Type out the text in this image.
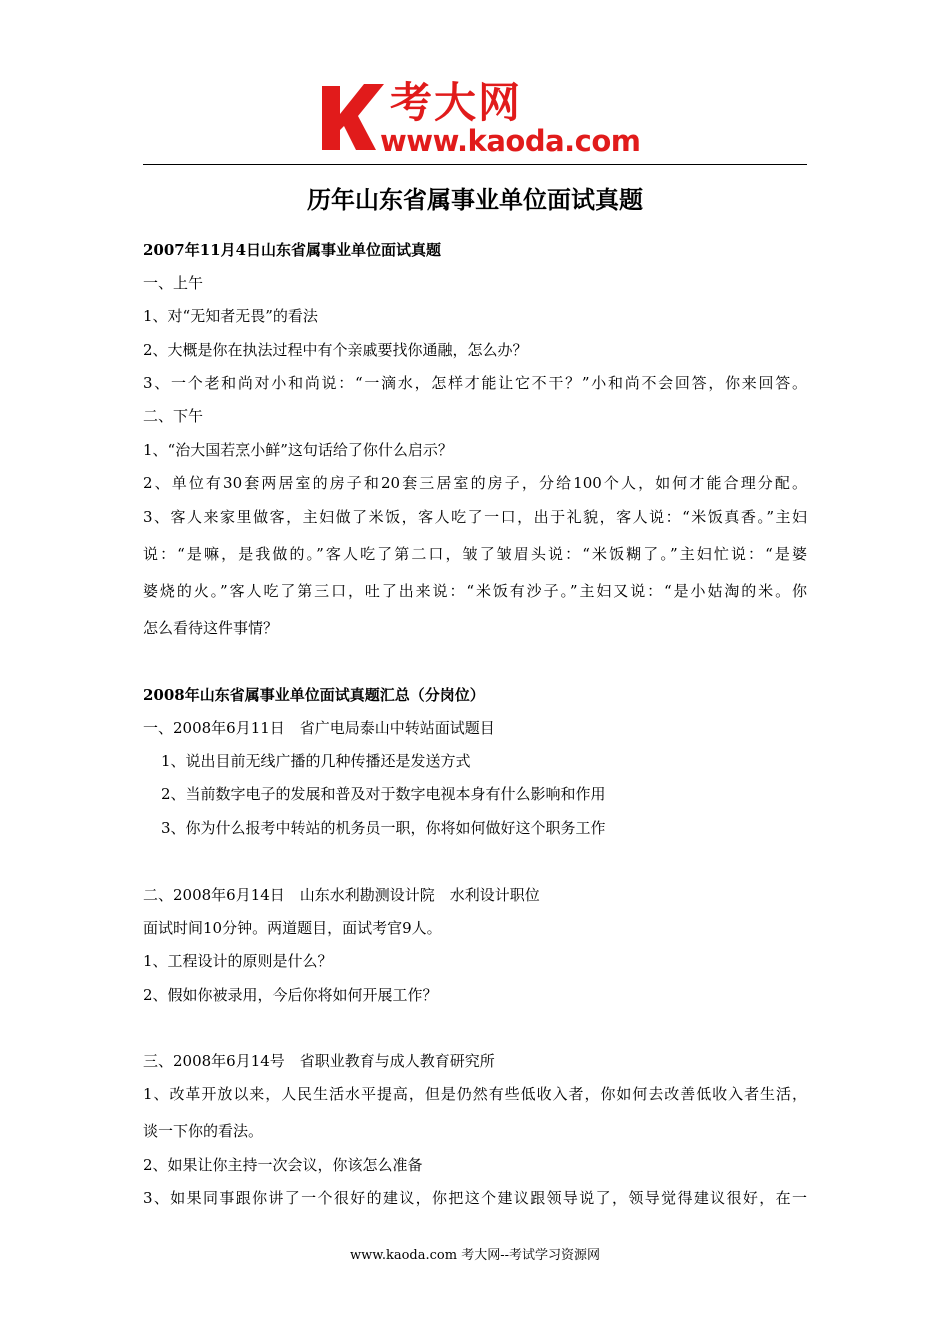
考大网
www.kaoda.com
历年山东省属事业单位面试真题
2007年11月4日山东省属事业单位面试真题
一、上午
1、对“无知者无畏”的看法
2、大概是你在执法过程中有个亲戚要找你通融，怎么办？
3、一个老和尚对小和尚说：“一滴水，怎样才能让它不干？”小和尚不会回答，你来回答。
二、下午
1、“治大国若烹小鲜”这句话给了你什么启示？
2、单位有30套两居室的房子和20套三居室的房子，分给100个人，如何才能合理分配。
3、客人来家里做客，主妇做了米饭，客人吃了一口，出于礼貌，客人说：“米饭真香。”主妇
说：“是嘛，是我做的。”客人吃了第二口，皱了皱眉头说：“米饭糊了。”主妇忙说：“是婆
婆烧的火。”客人吃了第三口，吐了出来说：“米饭有沙子。”主妇又说：“是小姑淘的米。你
怎么看待这件事情？
2008年山东省属事业单位面试真题汇总（分岗位）
一、2008年6月11日　省广电局泰山中转站面试题目
1、说出目前无线广播的几种传播还是发送方式
2、当前数字电子的发展和普及对于数字电视本身有什么影响和作用
3、你为什么报考中转站的机务员一职，你将如何做好这个职务工作
二、2008年6月14日　山东水利勘测设计院　水利设计职位
面试时间10分钟。两道题目，面试考官9人。
1、工程设计的原则是什么？
2、假如你被录用，今后你将如何开展工作？
三、2008年6月14号　省职业教育与成人教育研究所
1、改革开放以来，人民生活水平提高，但是仍然有些低收入者，你如何去改善低收入者生活，
谈一下你的看法。
2、如果让你主持一次会议，你该怎么准备
3、如果同事跟你讲了一个很好的建议，你把这个建议跟领导说了，领导觉得建议很好，在一
www.kaoda.com 考大网--考试学习资源网
